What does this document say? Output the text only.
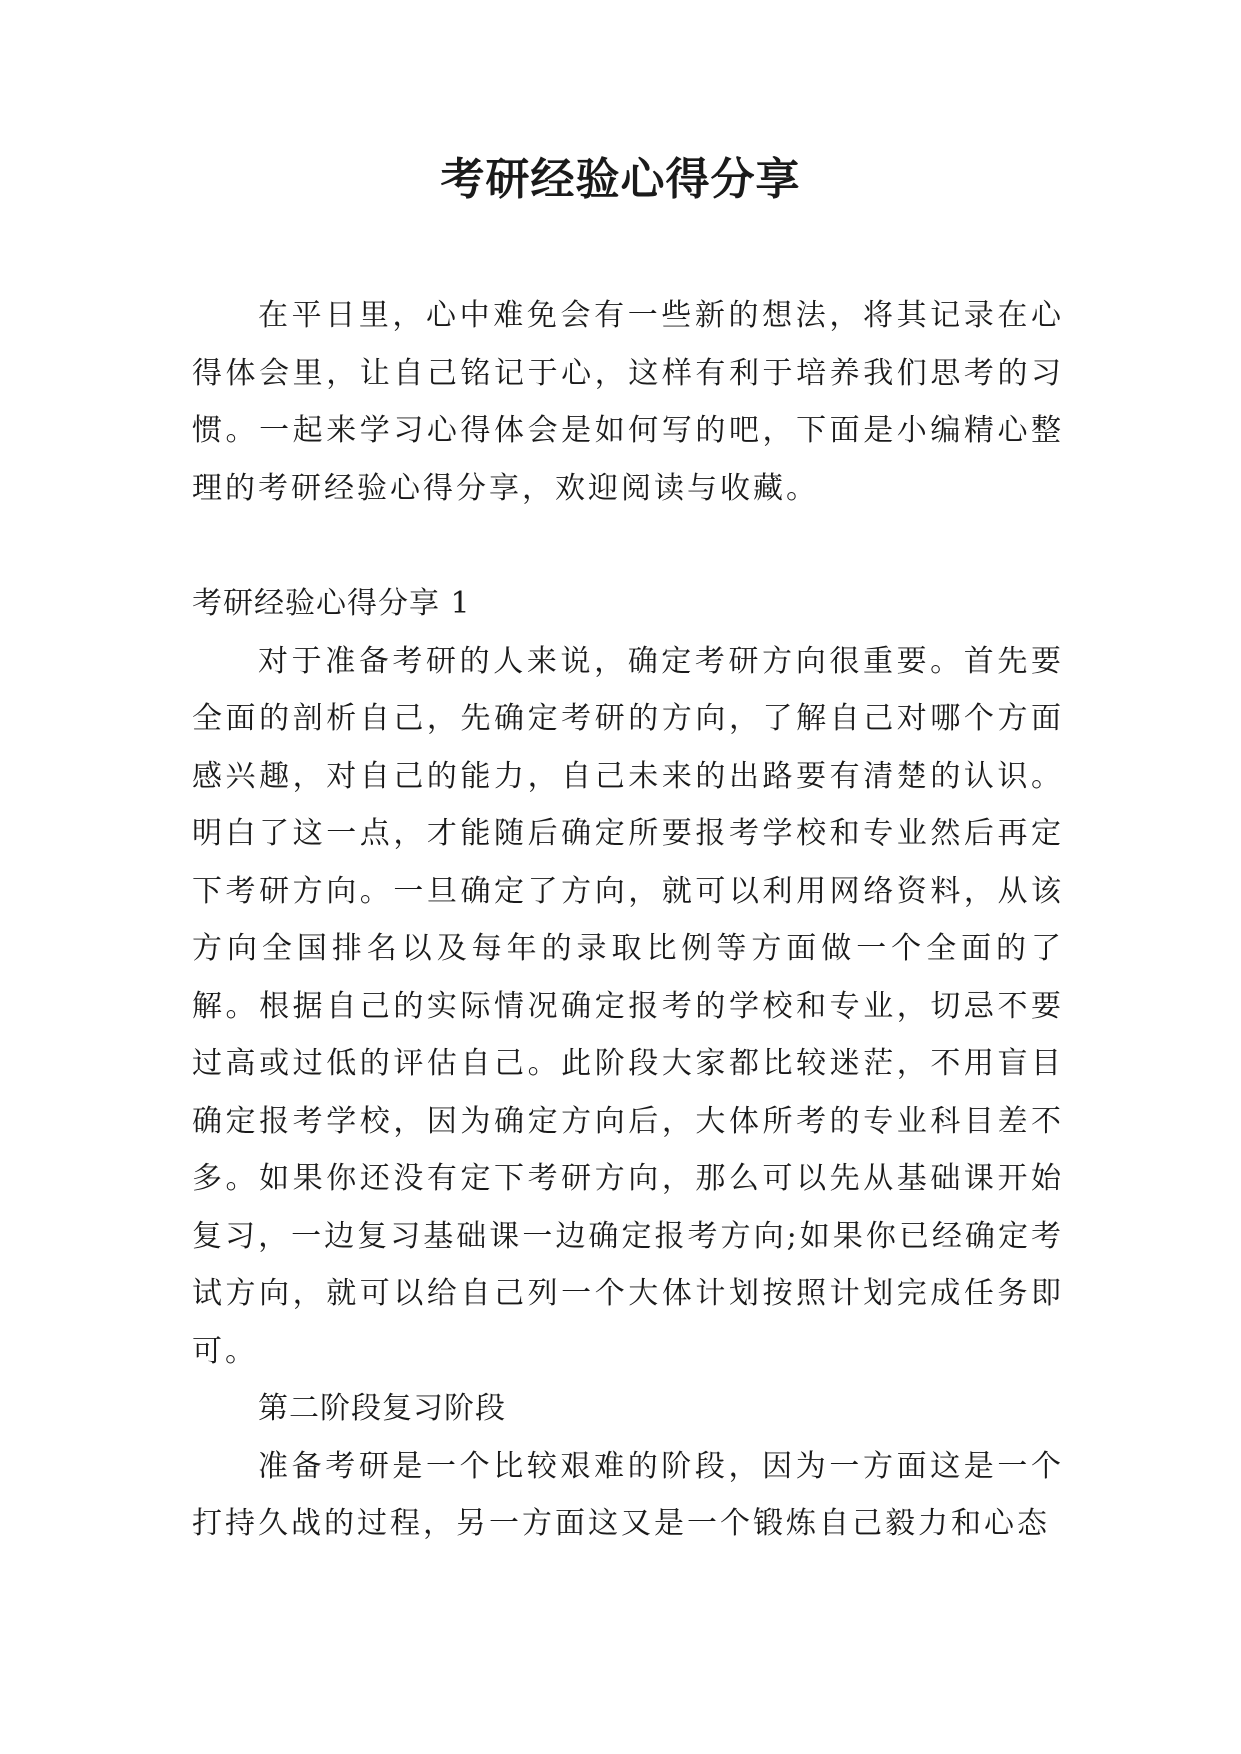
考研经验心得分享

在平日里，心中难免会有一些新的想法，将其记录在心得体会里，让自己铭记于心，这样有利于培养我们思考的习惯。一起来学习心得体会是如何写的吧，下面是小编精心整理的考研经验心得分享，欢迎阅读与收藏。

考研经验心得分享 1

对于准备考研的人来说，确定考研方向很重要。首先要全面的剖析自己，先确定考研的方向，了解自己对哪个方面感兴趣，对自己的能力，自己未来的出路要有清楚的认识。明白了这一点，才能随后确定所要报考学校和专业然后再定下考研方向。一旦确定了方向，就可以利用网络资料，从该方向全国排名以及每年的录取比例等方面做一个全面的了解。根据自己的实际情况确定报考的学校和专业，切忌不要过高或过低的评估自己。此阶段大家都比较迷茫，不用盲目确定报考学校，因为确定方向后，大体所考的专业科目差不多。如果你还没有定下考研方向，那么可以先从基础课开始复习，一边复习基础课一边确定报考方向;如果你已经确定考试方向，就可以给自己列一个大体计划按照计划完成任务即可。

第二阶段复习阶段

准备考研是一个比较艰难的阶段，因为一方面这是一个打持久战的过程，另一方面这又是一个锻炼自己毅力和心态
